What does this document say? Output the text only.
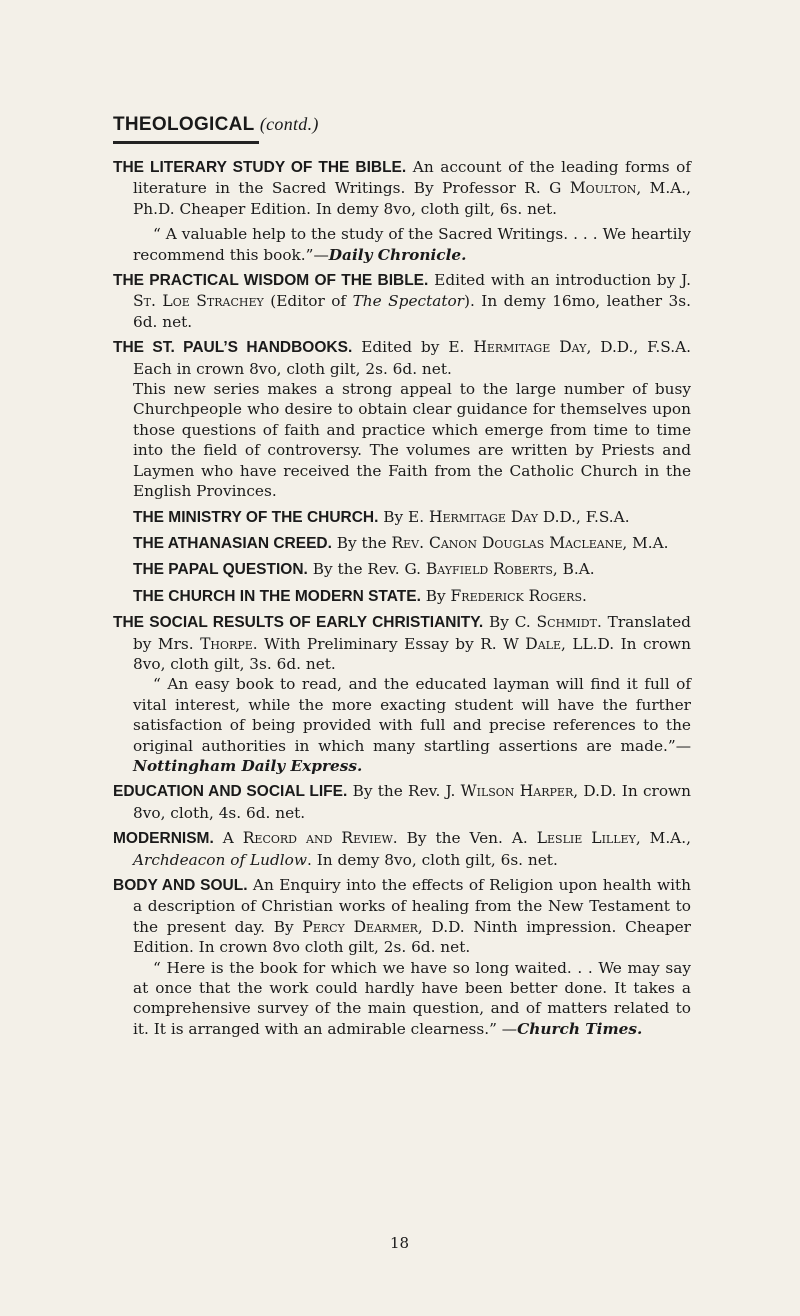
THEOLOGICAL (contd.)

THE LITERARY STUDY OF THE BIBLE. An account of the leading forms of literature in the Sacred Writings. By Professor R. G Moulton, M.A., Ph.D. Cheaper Edition. In demy 8vo, cloth gilt, 6s. net.

“ A valuable help to the study of the Sacred Writings. . . . We heartily recommend this book.”—Daily Chronicle.

THE PRACTICAL WISDOM OF THE BIBLE. Edited with an introduction by J. St. Loe Strachey (Editor of The Spectator). In demy 16mo, leather 3s. 6d. net.

THE ST. PAUL’S HANDBOOKS. Edited by E. Hermitage Day, D.D., F.S.A. Each in crown 8vo, cloth gilt, 2s. 6d. net.

This new series makes a strong appeal to the large number of busy Churchpeople who desire to obtain clear guidance for themselves upon those questions of faith and practice which emerge from time to time into the field of controversy. The volumes are written by Priests and Laymen who have received the Faith from the Catholic Church in the English Provinces.

THE MINISTRY OF THE CHURCH. By E. Hermitage Day D.D., F.S.A.

THE ATHANASIAN CREED. By the Rev. Canon Douglas Macleane, M.A.

THE PAPAL QUESTION. By the Rev. G. Bayfield Roberts, B.A.

THE CHURCH IN THE MODERN STATE. By Frederick Rogers.

THE SOCIAL RESULTS OF EARLY CHRISTIANITY. By C. Schmidt. Translated by Mrs. Thorpe. With Preliminary Essay by R. W Dale, LL.D. In crown 8vo, cloth gilt, 3s. 6d. net.

“ An easy book to read, and the educated layman will find it full of vital interest, while the more exacting student will have the further satisfaction of being provided with full and precise references to the original authorities in which many startling assertions are made.”—Nottingham Daily Express.

EDUCATION AND SOCIAL LIFE. By the Rev. J. Wilson Harper, D.D. In crown 8vo, cloth, 4s. 6d. net.

MODERNISM. A Record and Review. By the Ven. A. Leslie Lilley, M.A., Archdeacon of Ludlow. In demy 8vo, cloth gilt, 6s. net.

BODY AND SOUL. An Enquiry into the effects of Religion upon health with a description of Christian works of healing from the New Testament to the present day. By Percy Dearmer, D.D. Ninth impression. Cheaper Edition. In crown 8vo cloth gilt, 2s. 6d. net.

“ Here is the book for which we have so long waited. . . We may say at once that the work could hardly have been better done. It takes a comprehensive survey of the main question, and of matters related to it. It is arranged with an admirable clearness.” —Church Times.

18
